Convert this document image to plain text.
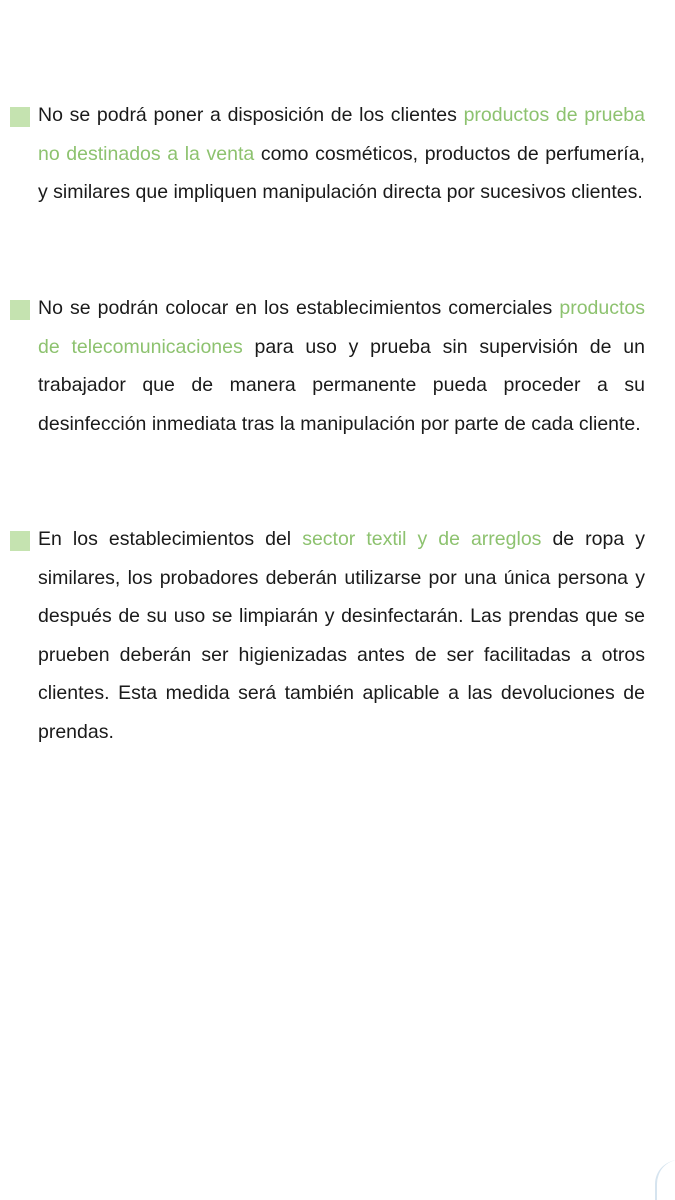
No se podrá poner a disposición de los clientes productos de prueba no destinados a la venta como cosméticos, productos de perfumería, y similares que impliquen manipulación directa por sucesivos clientes.

No se podrán colocar en los establecimientos comerciales productos de telecomunicaciones para uso y prueba sin supervisión de un trabajador que de manera permanente pueda proceder a su desinfección inmediata tras la manipulación por parte de cada cliente.

En los establecimientos del sector textil y de arreglos de ropa y similares, los probadores deberán utilizarse por una única persona y después de su uso se limpiarán y desinfectarán. Las prendas que se prueben deberán ser higienizadas antes de ser facilitadas a otros clientes. Esta medida será también aplicable a las devoluciones de prendas.
